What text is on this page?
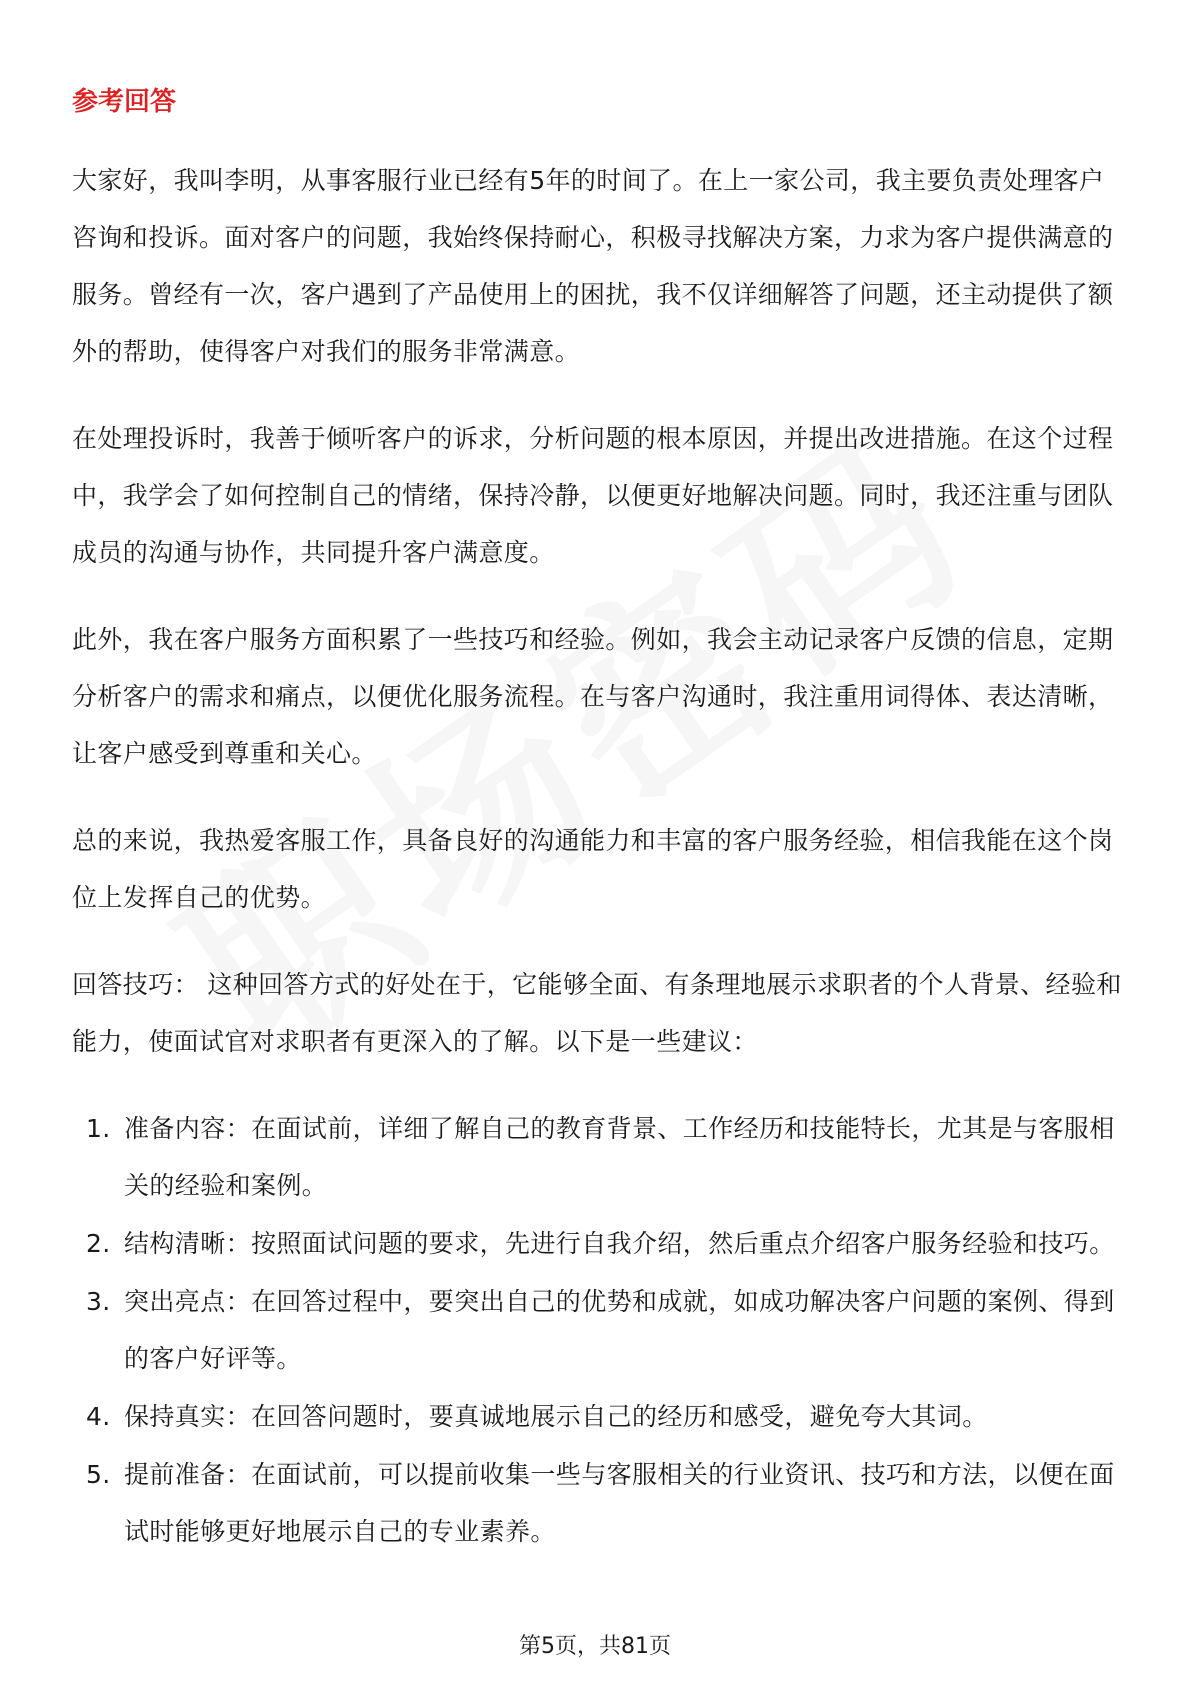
参考回答

大家好，我叫李明，从事客服行业已经有5年的时间了。在上一家公司，我主要负责处理客户咨询和投诉。面对客户的问题，我始终保持耐心，积极寻找解决方案，力求为客户提供满意的服务。曾经有一次，客户遇到了产品使用上的困扰，我不仅详细解答了问题，还主动提供了额外的帮助，使得客户对我们的服务非常满意。

在处理投诉时，我善于倾听客户的诉求，分析问题的根本原因，并提出改进措施。在这个过程中，我学会了如何控制自己的情绪，保持冷静，以便更好地解决问题。同时，我还注重与团队成员的沟通与协作，共同提升客户满意度。

此外，我在客户服务方面积累了一些技巧和经验。例如，我会主动记录客户反馈的信息，定期分析客户的需求和痛点，以便优化服务流程。在与客户沟通时，我注重用词得体、表达清晰，让客户感受到尊重和关心。

总的来说，我热爱客服工作，具备良好的沟通能力和丰富的客户服务经验，相信我能在这个岗位上发挥自己的优势。

回答技巧： 这种回答方式的好处在于，它能够全面、有条理地展示求职者的个人背景、经验和能力，使面试官对求职者有更深入的了解。以下是一些建议：

1. 准备内容：在面试前，详细了解自己的教育背景、工作经历和技能特长，尤其是与客服相关的经验和案例。
2. 结构清晰：按照面试问题的要求，先进行自我介绍，然后重点介绍客户服务经验和技巧。
3. 突出亮点：在回答过程中，要突出自己的优势和成就，如成功解决客户问题的案例、得到的客户好评等。
4. 保持真实：在回答问题时，要真诚地展示自己的经历和感受，避免夸大其词。
5. 提前准备：在面试前，可以提前收集一些与客服相关的行业资讯、技巧和方法，以便在面试时能够更好地展示自己的专业素养。
第5页，共81页
